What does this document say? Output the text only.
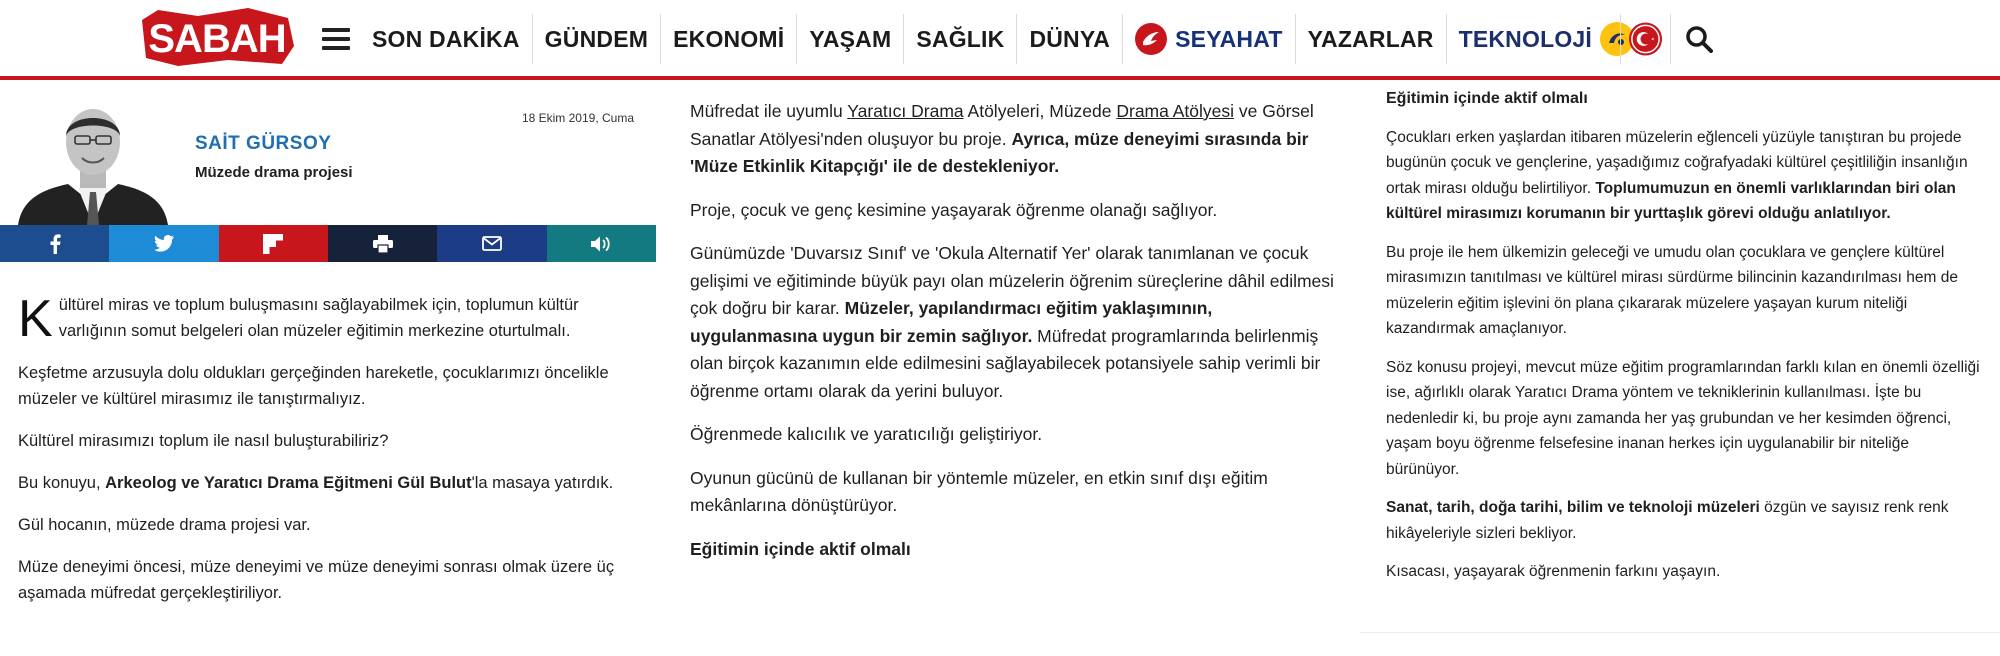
SABAH	SON DAKİKA GÜNDEM EKONOMİ YAŞAM SAĞLIK DÜNYA	SEYAHAT YAZARLAR TEKNOLOJİ
18 Ekim 2019, Cuma
SAİT GÜRSOY
Müzede drama projesi

Kültürel miras ve toplum buluşmasını sağlayabilmek için, toplumun kültür varlığının somut belgeleri olan müzeler eğitimin merkezine oturtulmalı.

Keşfetme arzusuyla dolu oldukları gerçeğinden hareketle, çocuklarımızı öncelikle müzeler ve kültürel mirasımız ile tanıştırmalıyız.

Kültürel mirasımızı toplum ile nasıl buluşturabiliriz?

Bu konuyu, Arkeolog ve Yaratıcı Drama Eğitmeni Gül Bulut'la masaya yatırdık.

Gül hocanın, müzede drama projesi var.

Müze deneyimi öncesi, müze deneyimi ve müze deneyimi sonrası olmak üzere üç aşamada müfredat gerçekleştiriliyor.

Müfredat ile uyumlu Yaratıcı Drama Atölyeleri, Müzede Drama Atölyesi ve Görsel Sanatlar Atölyesi'nden oluşuyor bu proje. Ayrıca, müze deneyimi sırasında bir 'Müze Etkinlik Kitapçığı' ile de destekleniyor.

Proje, çocuk ve genç kesimine yaşayarak öğrenme olanağı sağlıyor.

Günümüzde 'Duvarsız Sınıf' ve 'Okula Alternatif Yer' olarak tanımlanan ve çocuk gelişimi ve eğitiminde büyük payı olan müzelerin öğrenim süreçlerine dâhil edilmesi çok doğru bir karar. Müzeler, yapılandırmacı eğitim yaklaşımının, uygulanmasına uygun bir zemin sağlıyor. Müfredat programlarında belirlenmiş olan birçok kazanımın elde edilmesini sağlayabilecek potansiyele sahip verimli bir öğrenme ortamı olarak da yerini buluyor.

Öğrenmede kalıcılık ve yaratıcılığı geliştiriyor.

Oyunun gücünü de kullanan bir yöntemle müzeler, en etkin sınıf dışı eğitim mekânlarına dönüştürüyor.

Eğitimin içinde aktif olmalı

Eğitimin içinde aktif olmalı

Çocukları erken yaşlardan itibaren müzelerin eğlenceli yüzüyle tanıştıran bu projede bugünün çocuk ve gençlerine, yaşadığımız coğrafyadaki kültürel çeşitliliğin insanlığın ortak mirası olduğu belirtiliyor. Toplumumuzun en önemli varlıklarından biri olan kültürel mirasımızı korumanın bir yurttaşlık görevi olduğu anlatılıyor.

Bu proje ile hem ülkemizin geleceği ve umudu olan çocuklara ve gençlere kültürel mirasımızın tanıtılması ve kültürel mirası sürdürme bilincinin kazandırılması hem de müzelerin eğitim işlevini ön plana çıkararak müzelere yaşayan kurum niteliği kazandırmak amaçlanıyor.

Söz konusu projeyi, mevcut müze eğitim programlarından farklı kılan en önemli özelliği ise, ağırlıklı olarak Yaratıcı Drama yöntem ve tekniklerinin kullanılması. İşte bu nedenledir ki, bu proje aynı zamanda her yaş grubundan ve her kesimden öğrenci, yaşam boyu öğrenme felsefesine inanan herkes için uygulanabilir bir niteliğe bürünüyor.

Sanat, tarih, doğa tarihi, bilim ve teknoloji müzeleri özgün ve sayısız renk renk hikâyeleriyle sizleri bekliyor.

Kısacası, yaşayarak öğrenmenin farkını yaşayın.
